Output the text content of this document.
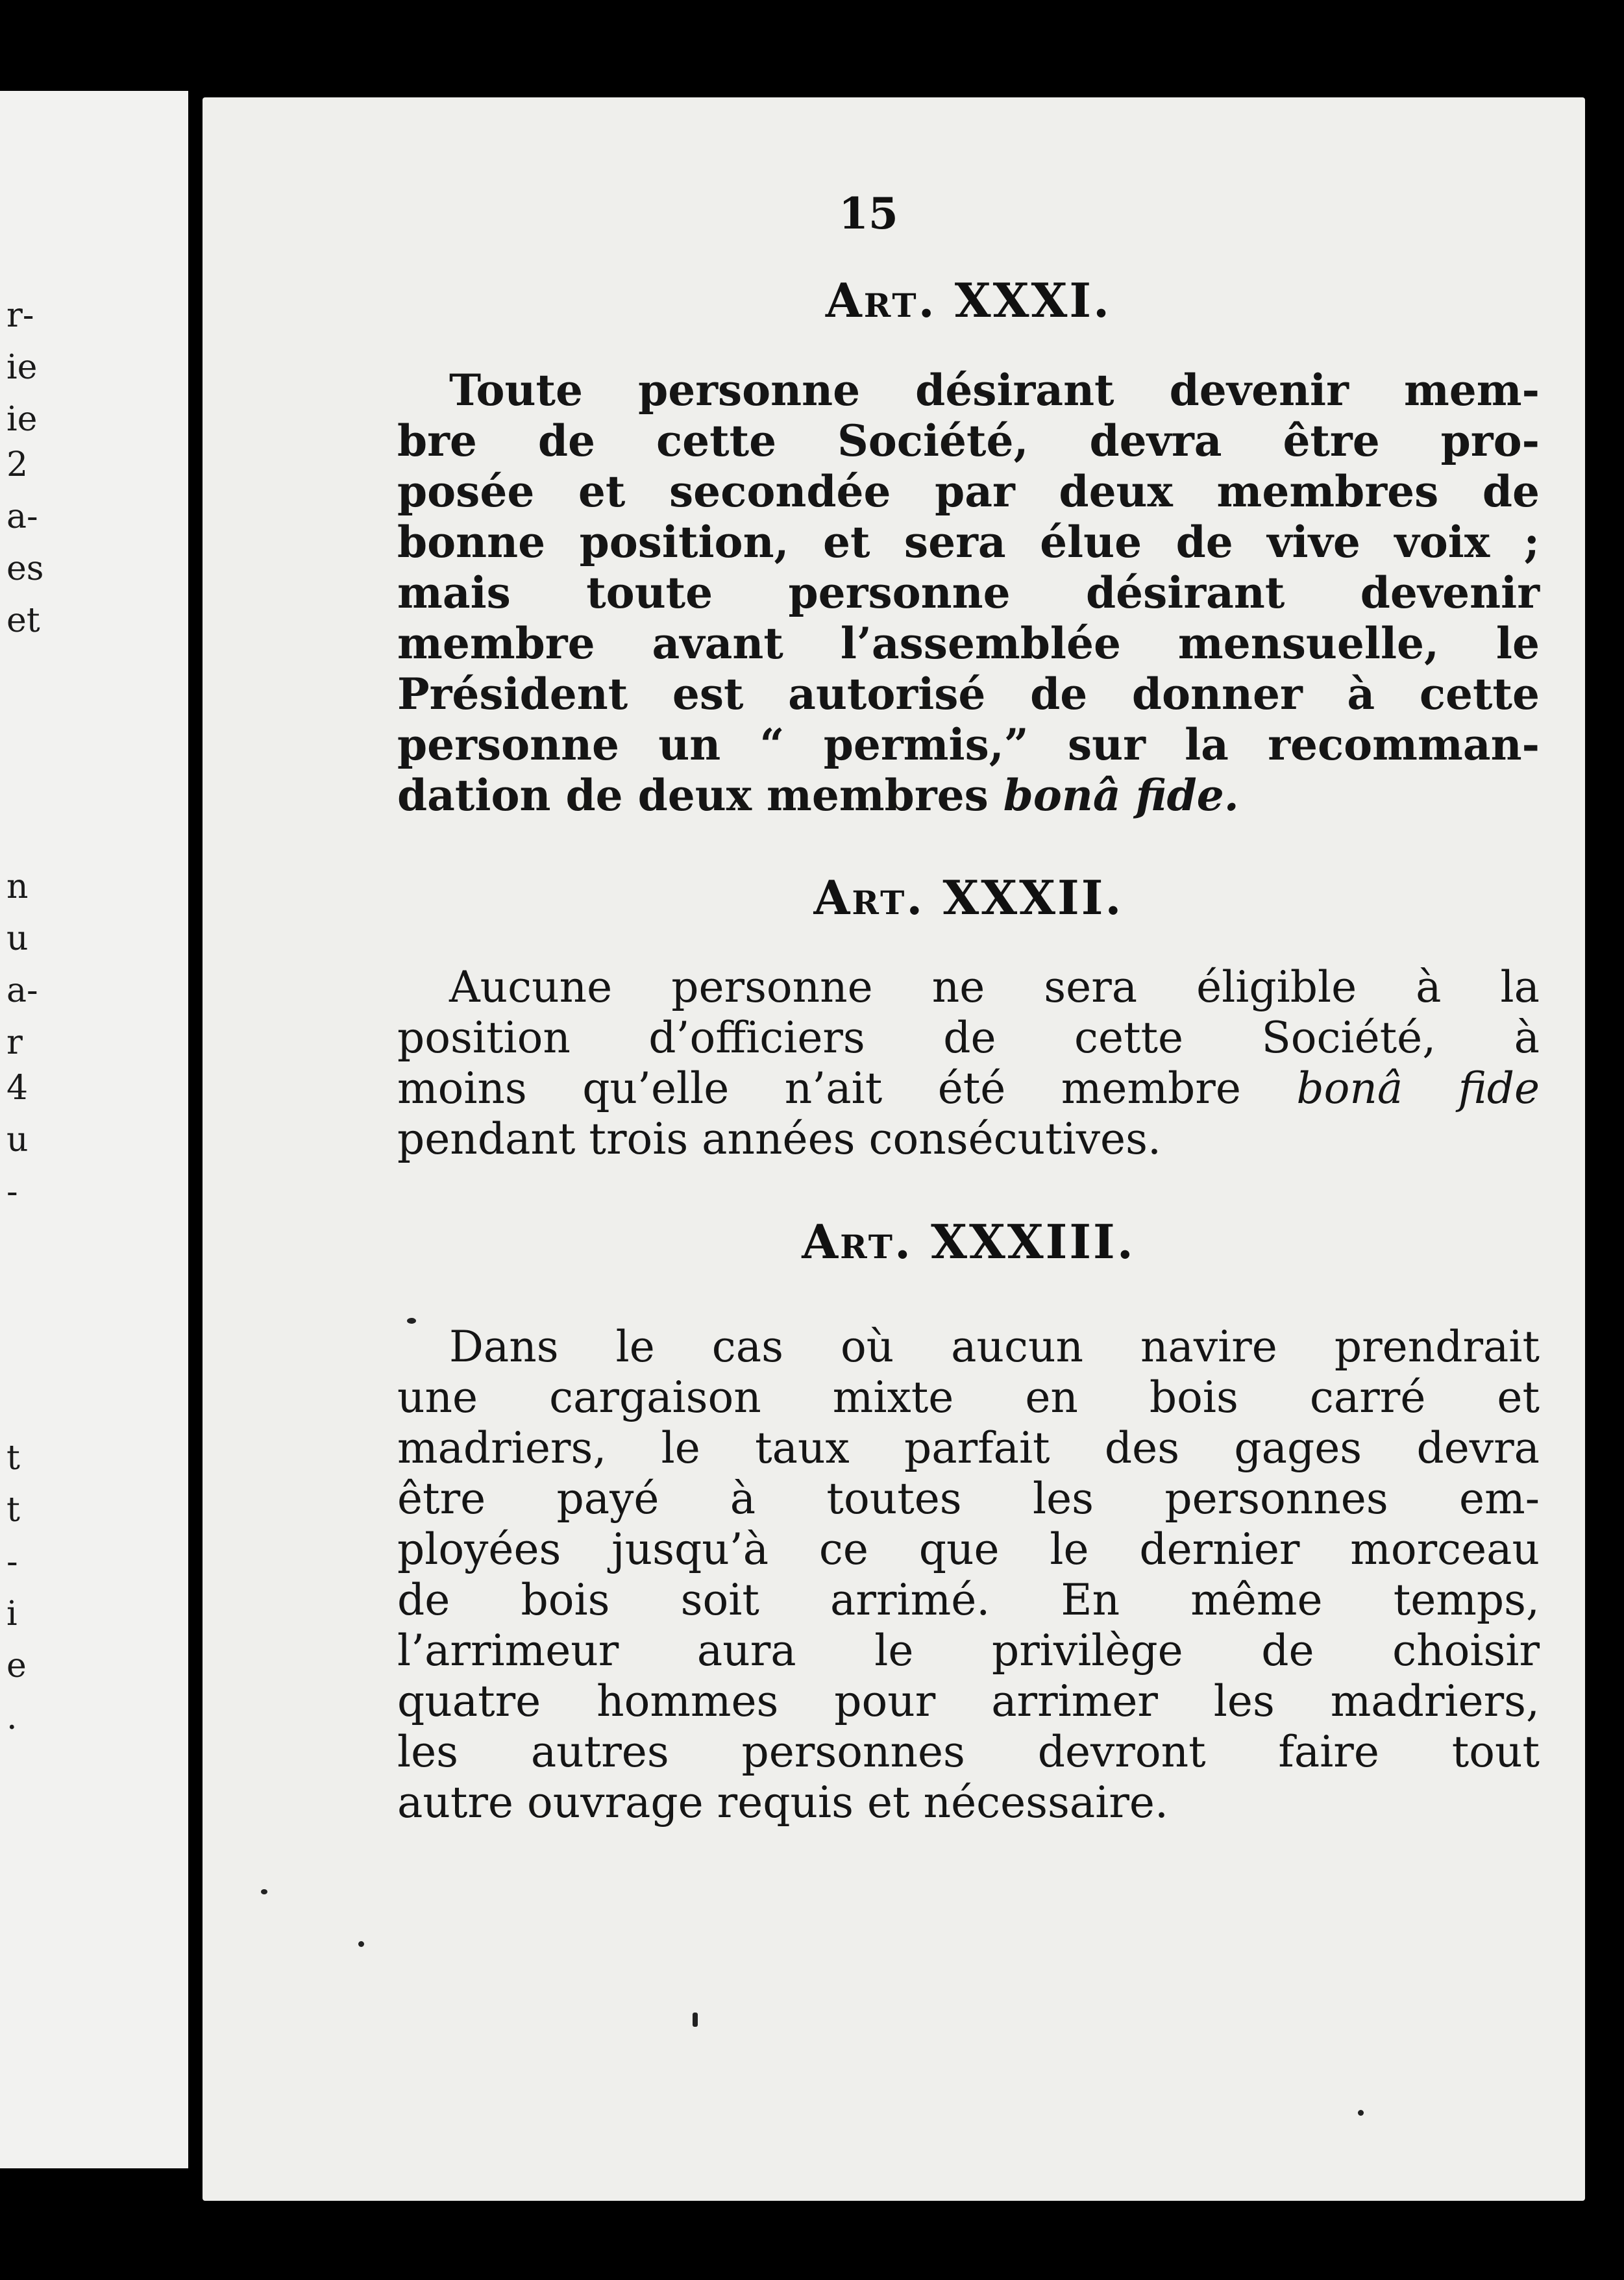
r-
ie
ie
2
a-
es
et
n
u
a-
r
4
u
-
t
t
-
i
e
.
15
Art. XXXI.
Toute personne désirant devenir mem-
bre de cette Société, devra être pro-
posée et secondée par deux membres de
bonne position, et sera élue de vive voix ;
mais toute personne désirant devenir
membre avant l’assemblée mensuelle, le
Président est autorisé de donner à cette
personne un “ permis,” sur la recomman-
dation de deux membres bonâ fide.
Art. XXXII.
Aucune personne ne sera éligible à la
position d’officiers de cette Société, à
moins qu’elle n’ait été membre bonâ fide
pendant trois années consécutives.
Art. XXXIII.
Dans le cas où aucun navire prendrait
une cargaison mixte en bois carré et
madriers, le taux parfait des gages devra
être payé à toutes les personnes em-
ployées jusqu’à ce que le dernier morceau
de bois soit arrimé. En même temps,
l’arrimeur aura le privilège de choisir
quatre hommes pour arrimer les madriers,
les autres personnes devront faire tout
autre ouvrage requis et nécessaire.
